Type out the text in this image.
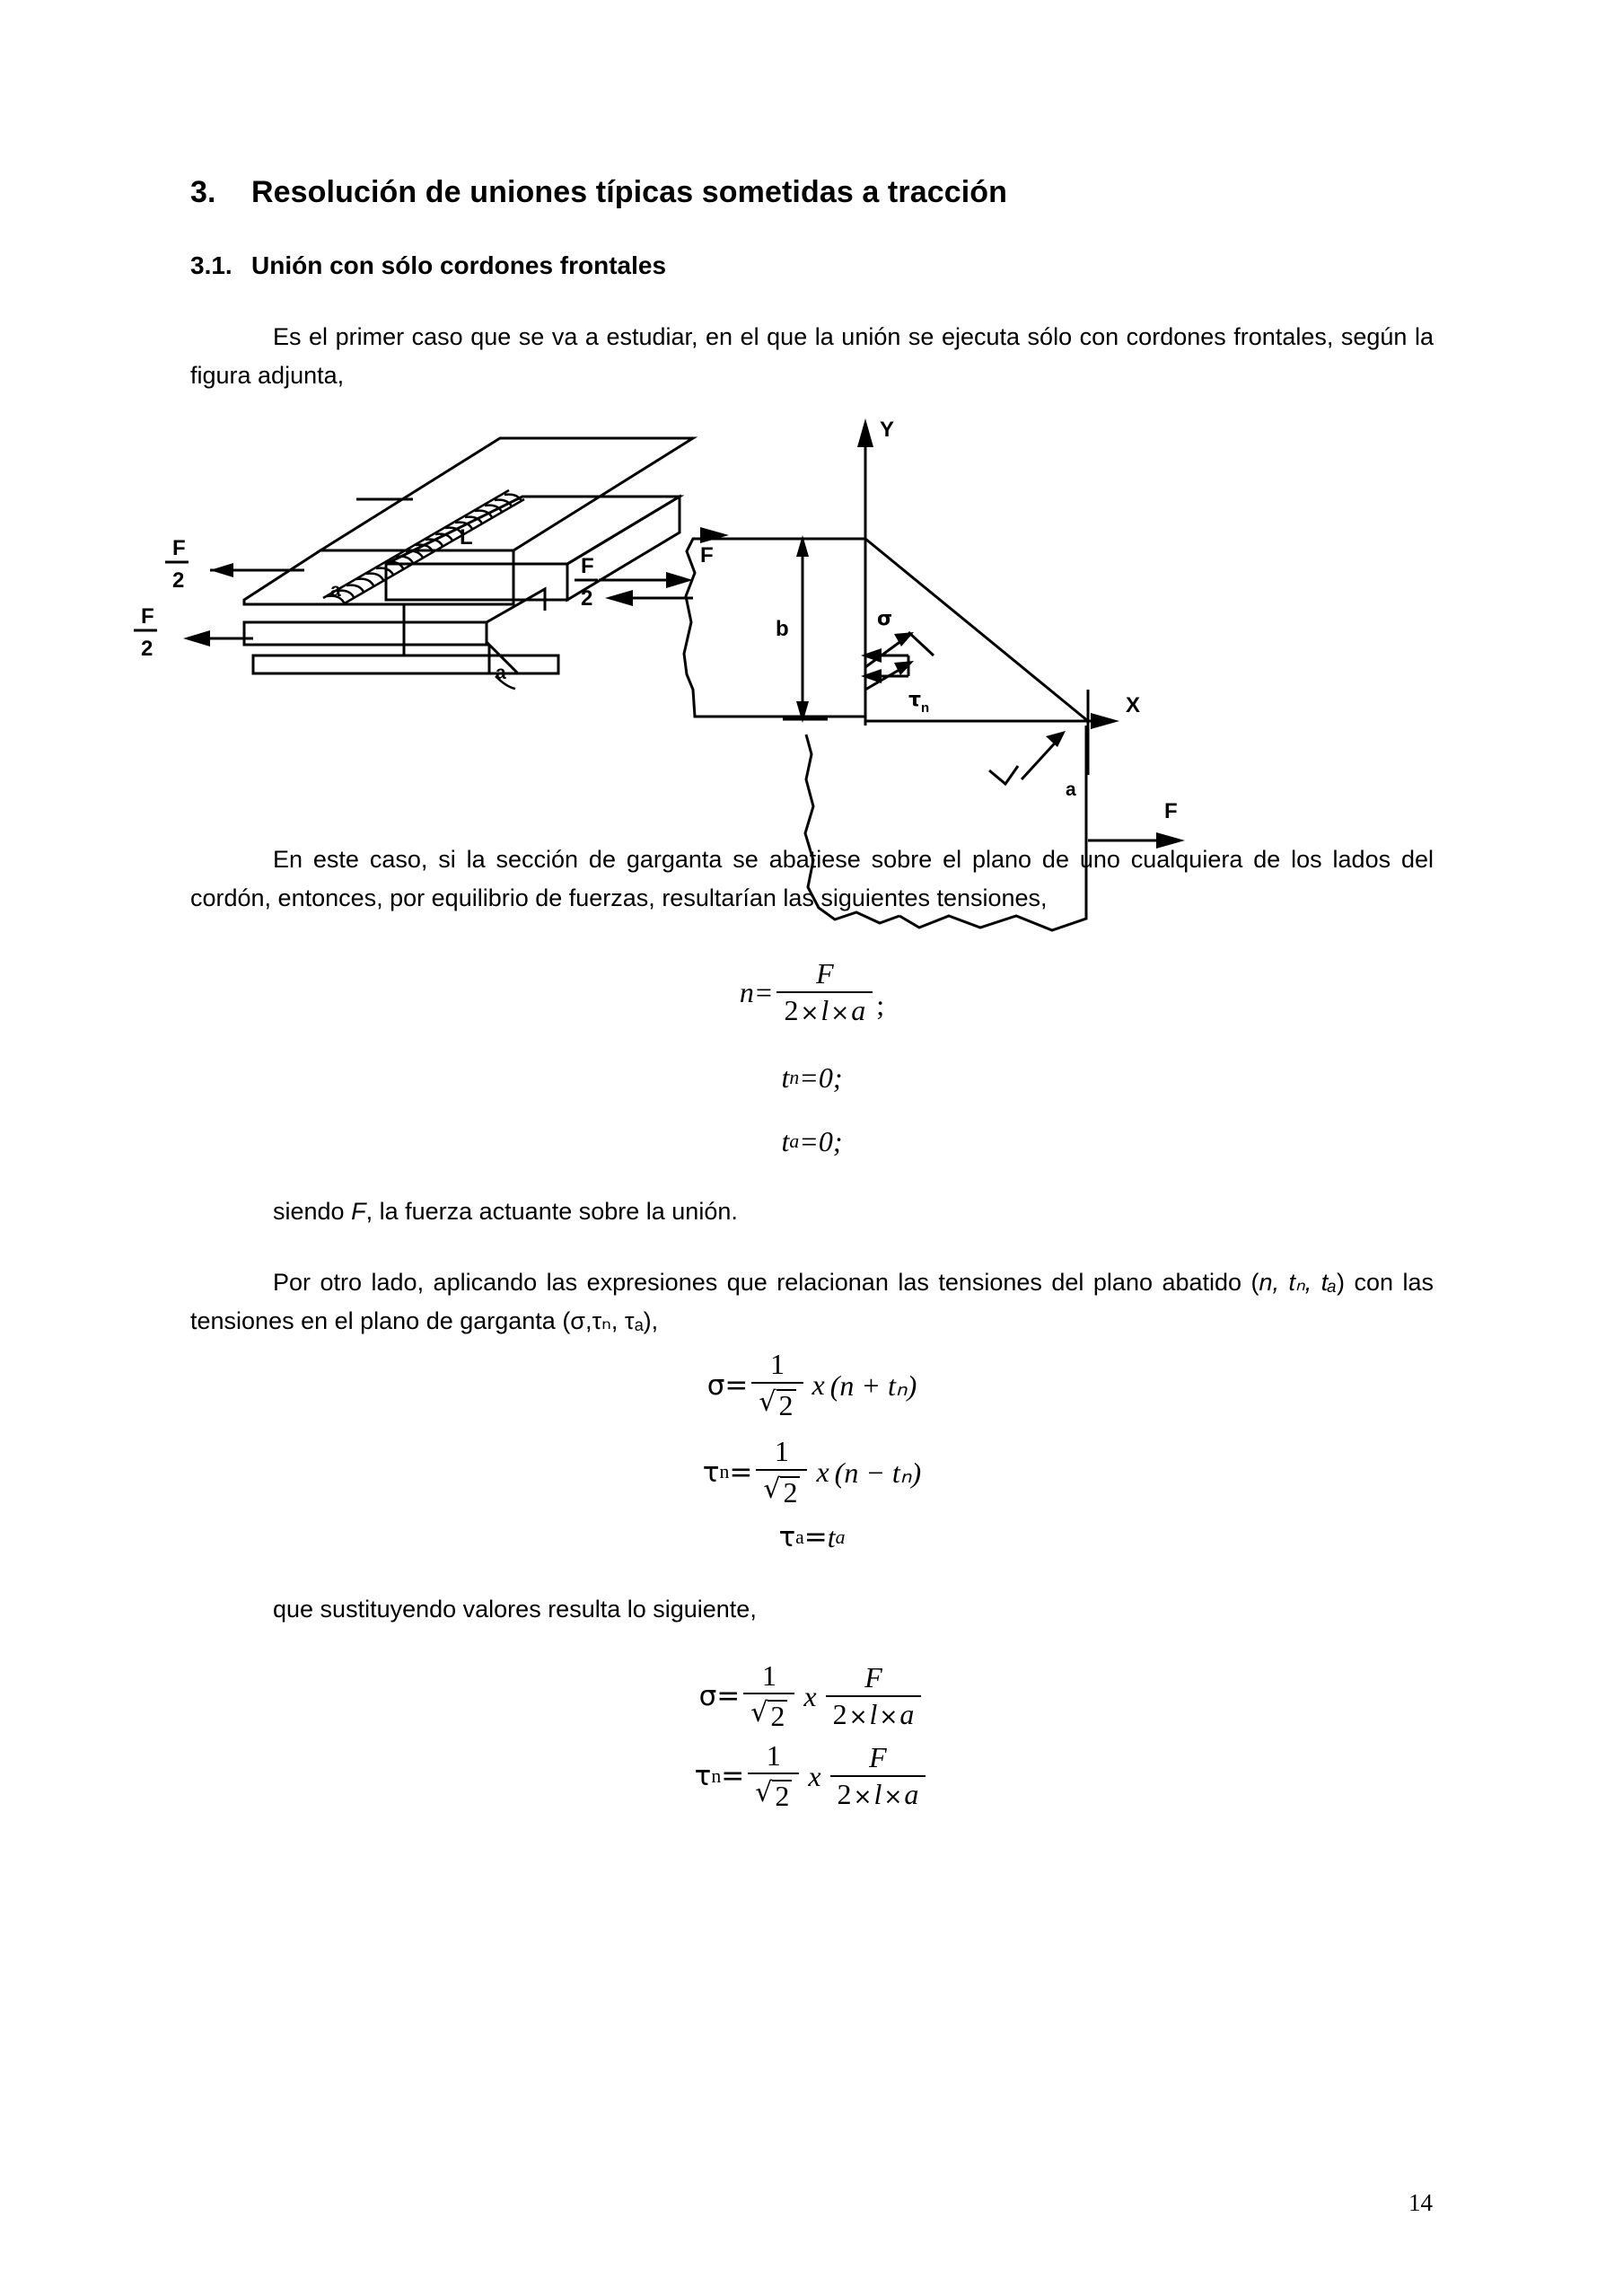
3.	Resolución de uniones típicas sometidas a tracción
3.1. Unión con sólo cordones frontales

Es el primer caso que se va a estudiar, en el que la unión se ejecuta sólo con cordones frontales, según la figura adjunta,

F
2
F
2
F
L
a
a
Y
X
b	σ
τ n
a
F
2
F

En este caso, si la sección de garganta se abatiese sobre el plano de uno cualquiera de los lados del cordón, entonces, por equilibrio de fuerzas, resultarían las siguientes tensiones,

$n= \frac{F}{2\times l\times a}$ ;
t n =0;
t a =0;

siendo F, la fuerza actuante sobre la unión.

Por otro lado, aplicando las expresiones que relacionan las tensiones del plano abatido (n, tₙ, tₐ) con las tensiones en el plano de garganta (σ,τₙ, τₐ),

$\sigma= \frac{1}{√ 2}$ x (n + tₙ)
τ $n = \frac{1}{√ 2}$ x (n − tₙ)
τ a = t a

que sustituyendo valores resulta lo siguiente,

$\sigma= \frac{1}{√ 2}$ x $\frac{F}{2\times l\times a}$
τ $n = \frac{1}{√ 2}$ x $\frac{F}{2\times l\times a}$
14
